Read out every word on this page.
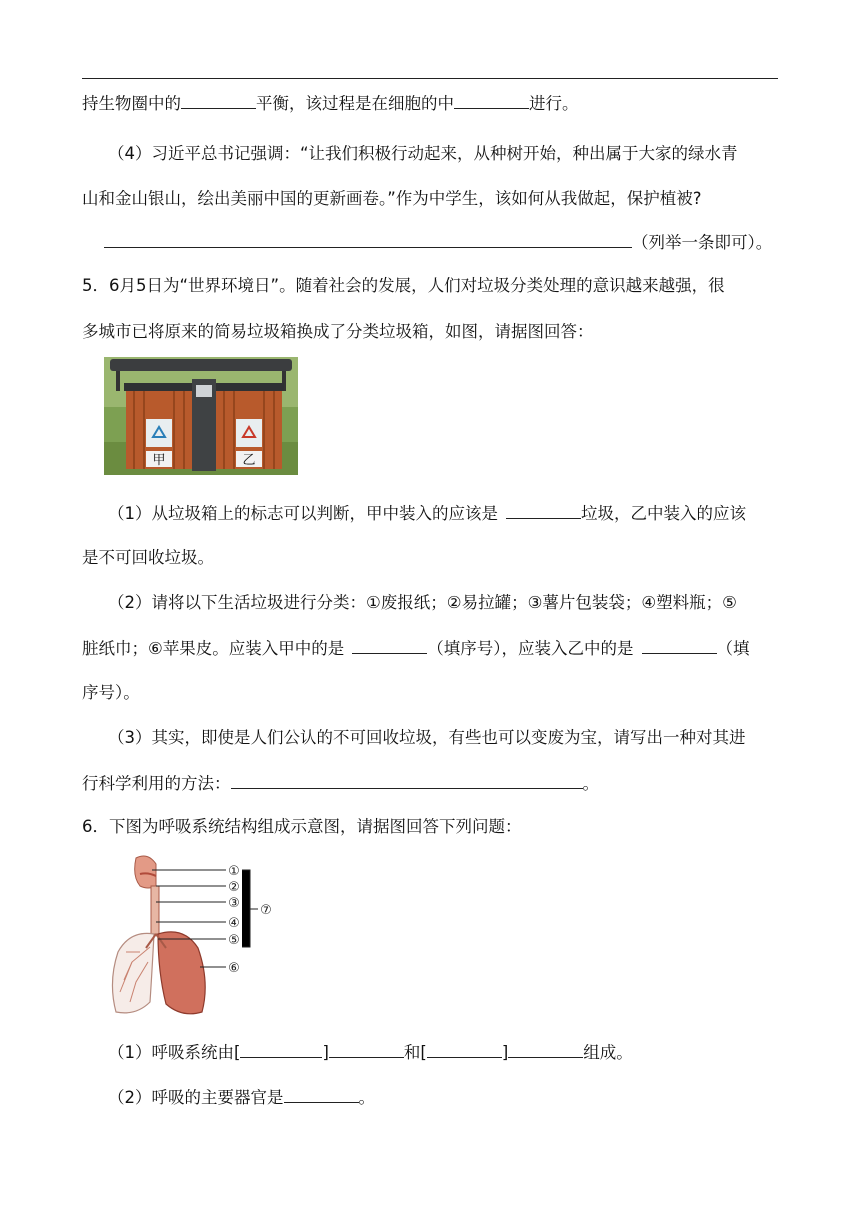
持生物圈中的	平衡，该过程是在细胞的中	进行。
（4）习近平总书记强调：“让我们积极行动起来，从种树开始，种出属于大家的绿水青
山和金山银山，绘出美丽中国的更新画卷。”作为中学生，该如何从我做起，保护植被?
（列举一条即可）。
5．6月5日为“世界环境日”。随着社会的发展，人们对垃圾分类处理的意识越来越强，很
多城市已将原来的简易垃圾箱换成了分类垃圾箱，如图，请据图回答：
甲	乙
（1）从垃圾箱上的标志可以判断，甲中装入的应该是	垃圾，乙中装入的应该
是不可回收垃圾。
（2）请将以下生活垃圾进行分类：①废报纸；②易拉罐；③薯片包装袋；④塑料瓶；⑤
脏纸巾；⑥苹果皮。应装入甲中的是	（填序号），应装入乙中的是	（填
序号）。
（3）其实，即使是人们公认的不可回收垃圾，有些也可以变废为宝，请写出一种对其进
行科学利用的方法：	。
6．下图为呼吸系统结构组成示意图，请据图回答下列问题：
①
②
③
④
⑤
⑥
⑦
（1）呼吸系统由[	]	和[	]	组成。
（2）呼吸的主要器官是	。
